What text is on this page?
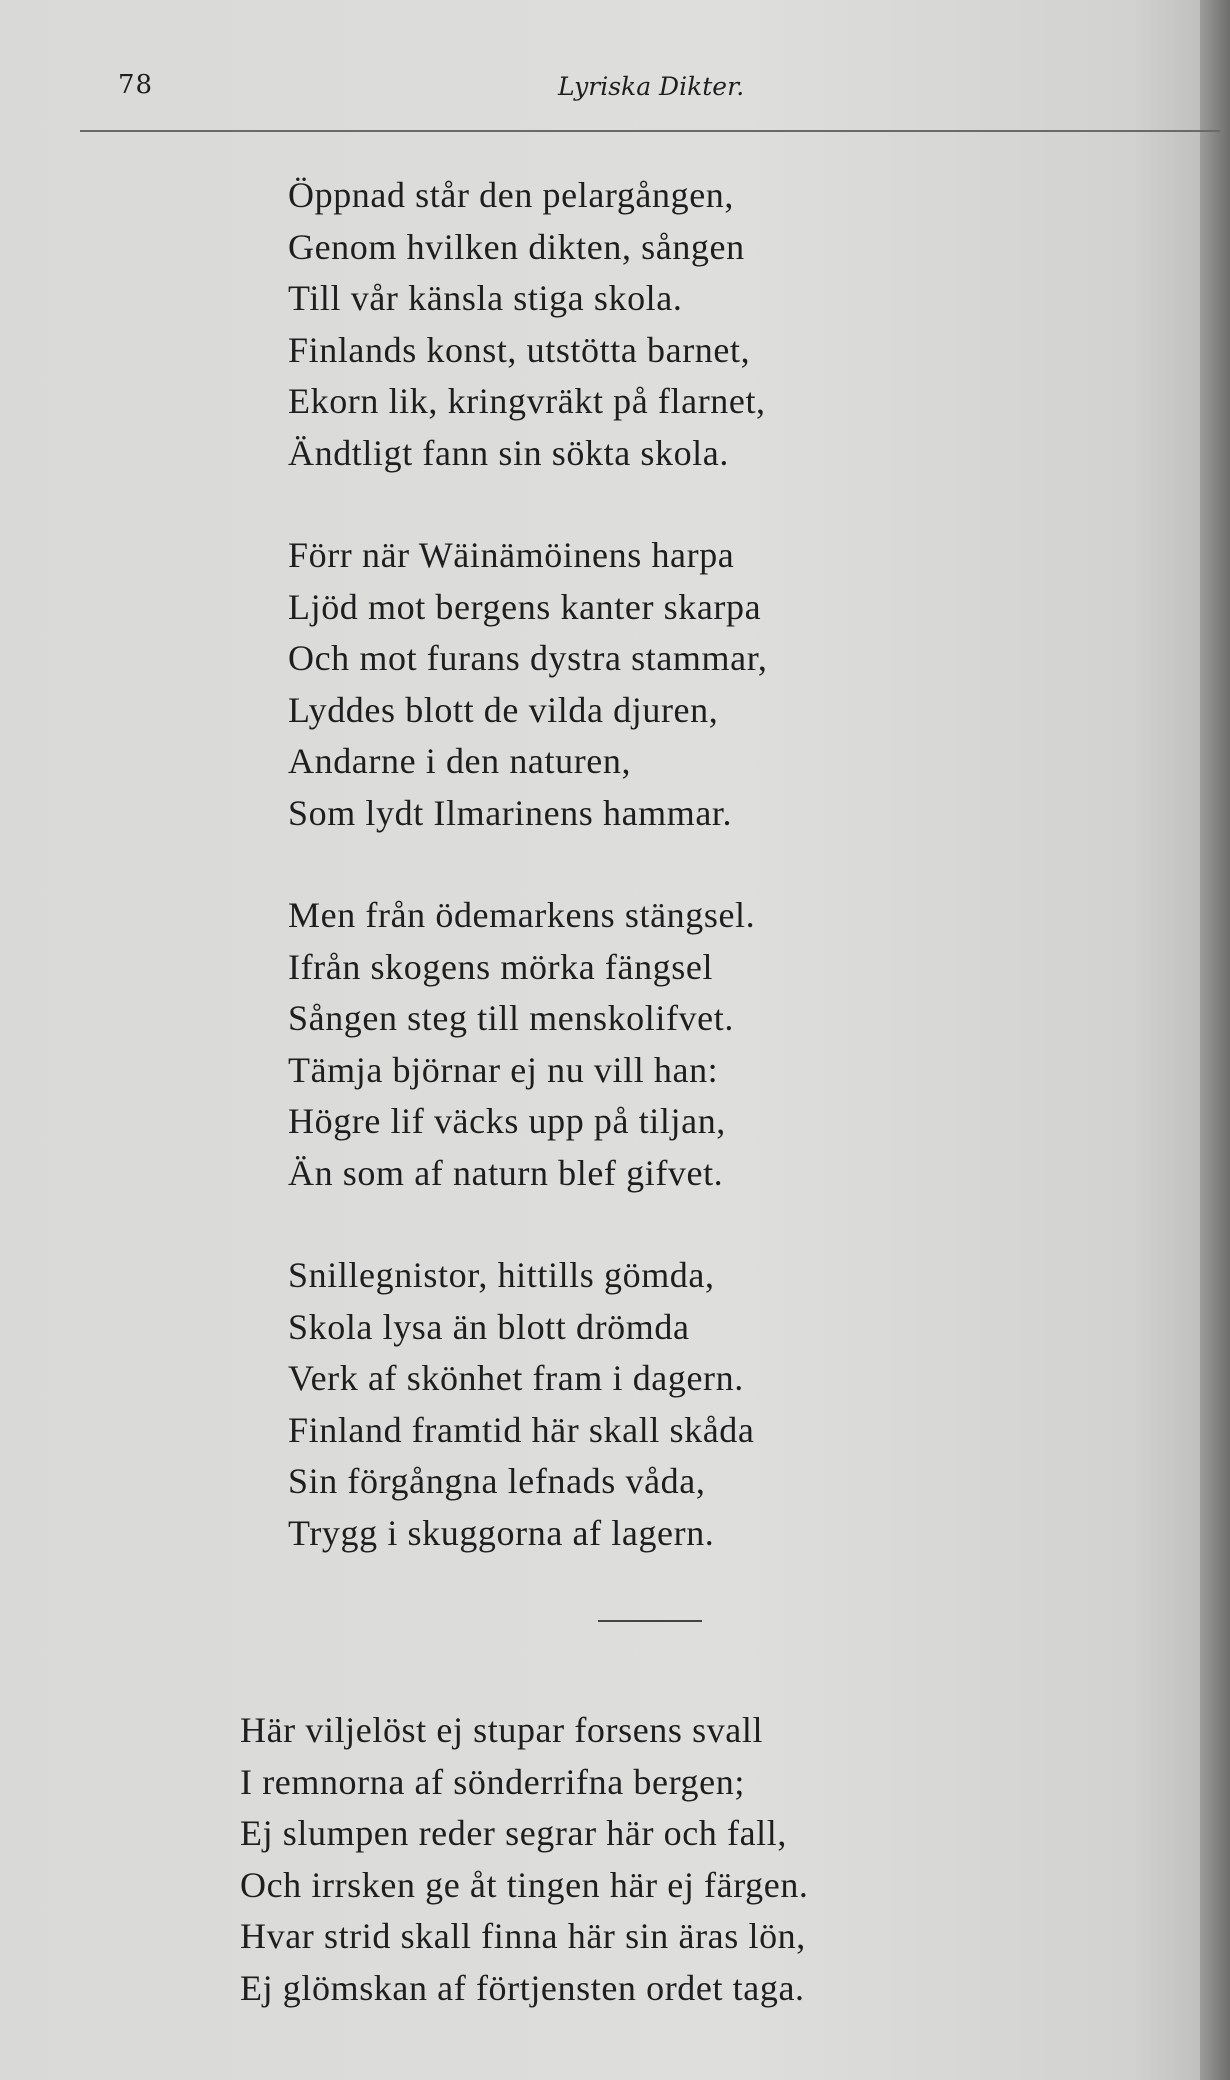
78	Lyriska Dikter.
Öppnad står den pelargången,
Genom hvilken dikten, sången
Till vår känsla stiga skola.
Finlands konst, utstötta barnet,
Ekorn lik, kringvräkt på flarnet,
Ändtligt fann sin sökta skola.
Förr när Wäinämöinens harpa
Ljöd mot bergens kanter skarpa
Och mot furans dystra stammar,
Lyddes blott de vilda djuren,
Andarne i den naturen,
Som lydt Ilmarinens hammar.
Men från ödemarkens stängsel.
Ifrån skogens mörka fängsel
Sången steg till menskolifvet.
Tämja björnar ej nu vill han:
Högre lif väcks upp på tiljan,
Än som af naturn blef gifvet.
Snillegnistor, hittills gömda,
Skola lysa än blott drömda
Verk af skönhet fram i dagern.
Finland framtid här skall skåda
Sin förgångna lefnads våda,
Trygg i skuggorna af lagern.
Här viljelöst ej stupar forsens svall
I remnorna af sönderrifna bergen;
Ej slumpen reder segrar här och fall,
Och irrsken ge åt tingen här ej färgen.
Hvar strid skall finna här sin äras lön,
Ej glömskan af förtjensten ordet taga.
